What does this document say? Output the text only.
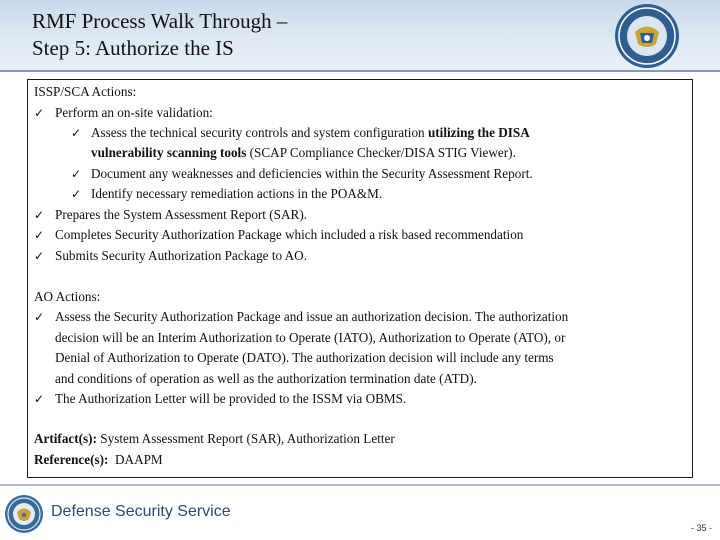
RMF Process Walk Through –
Step 5: Authorize the IS
ISSP/SCA Actions:
✓ Perform an on-site validation:
✓ Assess the technical security controls and system configuration utilizing the DISA
vulnerability scanning tools (SCAP Compliance Checker/DISA STIG Viewer).
✓ Document any weaknesses and deficiencies within the Security Assessment Report.
✓ Identify necessary remediation actions in the POA&M.
✓ Prepares the System Assessment Report (SAR).
✓ Completes Security Authorization Package which included a risk based recommendation
✓ Submits Security Authorization Package to AO.
AO Actions:
✓ Assess the Security Authorization Package and issue an authorization decision. The authorization
decision will be an Interim Authorization to Operate (IATO), Authorization to Operate (ATO), or
Denial of Authorization to Operate (DATO). The authorization decision will include any terms
and conditions of operation as well as the authorization termination date (ATD).
✓ The Authorization Letter will be provided to the ISSM via OBMS.
Artifact(s): System Assessment Report (SAR), Authorization Letter
Reference(s):  DAAPM
Defense Security Service
- 35 -
